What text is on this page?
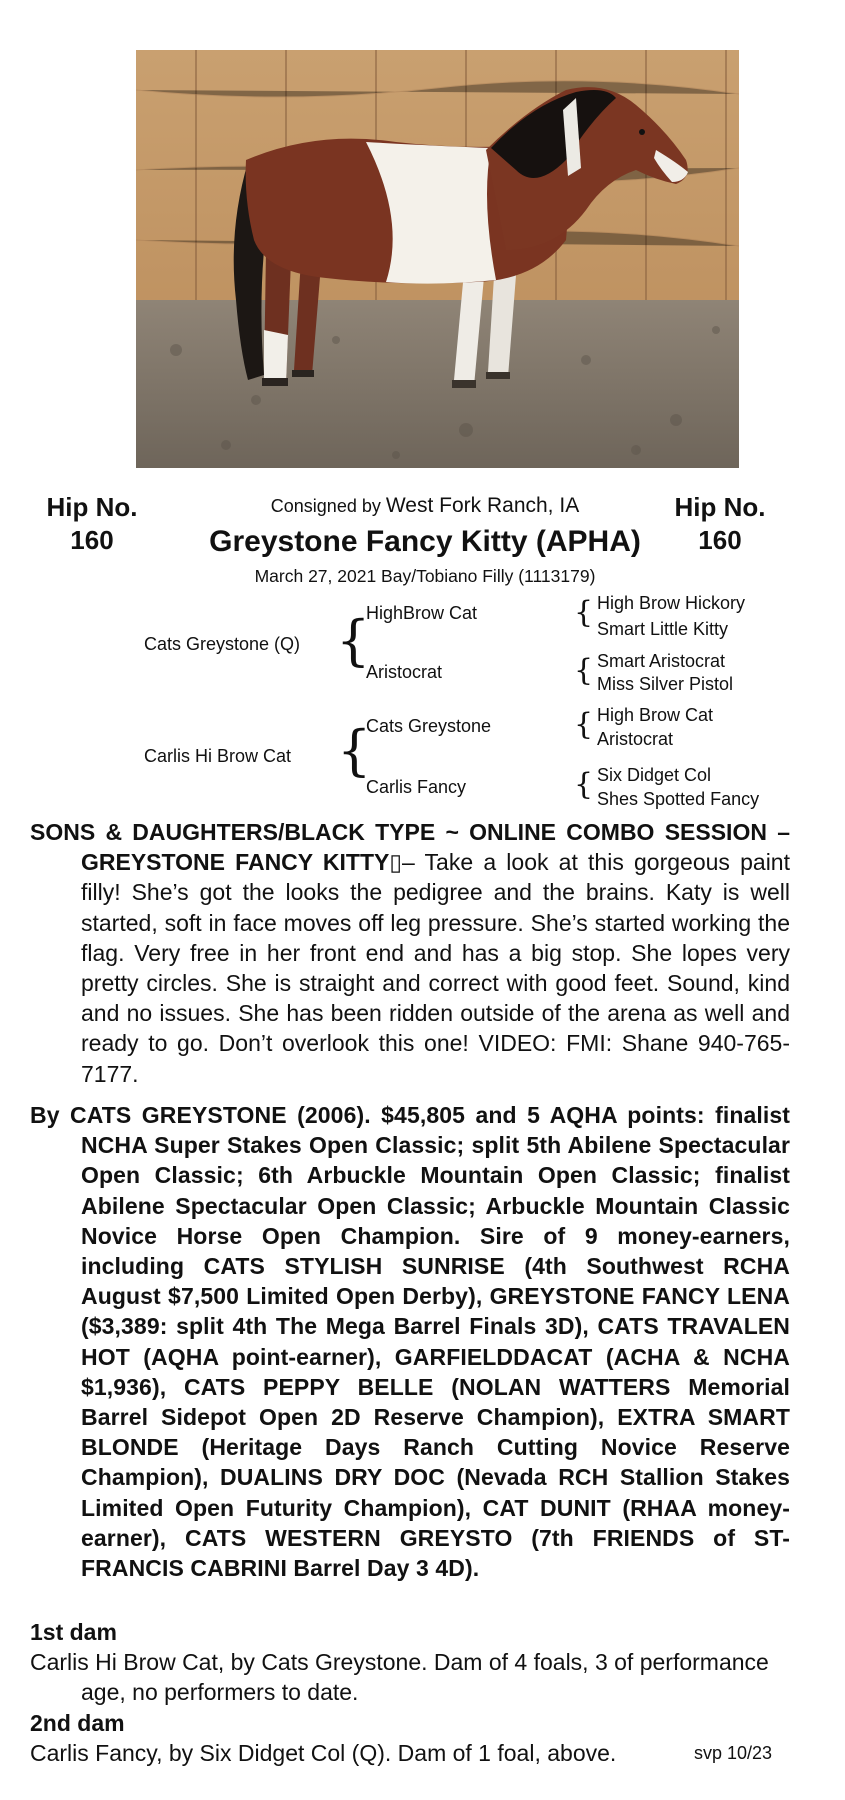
Hip No.
160
Hip No.
160
Consigned by West Fork Ranch, IA
Greystone Fancy Kitty (APHA)
March 27, 2021 Bay/Tobiano Filly (1113179)
Cats Greystone (Q) {
HighBrow Cat
Aristocrat
Carlis Hi Brow Cat {
Cats Greystone
Carlis Fancy
{ High Brow Hickory
Smart Little Kitty
{ Smart Aristocrat
Miss Silver Pistol
{ High Brow Cat
Aristocrat
{ Six Didget Col
Shes Spotted Fancy

SONS & DAUGHTERS/BLACK TYPE ~ ONLINE COMBO SESSION – GREYSTONE FANCY KITTY▯– Take a look at this gorgeous paint filly! She’s got the looks the pedigree and the brains. Katy is well started, soft in face moves off leg pressure. She’s started working the flag. Very free in her front end and has a big stop. She lopes very pretty circles. She is straight and correct with good feet. Sound, kind and no issues. She has been ridden outside of the arena as well and ready to go. Don’t overlook this one! VIDEO: FMI: Shane 940-765-7177.

By CATS GREYSTONE (2006). $45,805 and 5 AQHA points: finalist NCHA Super Stakes Open Classic; split 5th Abilene Spectacular Open Classic; 6th Arbuckle Mountain Open Classic; finalist Abilene Spectacular Open Classic; Arbuckle Mountain Classic Novice Horse Open Champion. Sire of 9 money-earners, including CATS STYLISH SUNRISE (4th Southwest RCHA August $7,500 Limited Open Derby), GREYSTONE FANCY LENA ($3,389: split 4th The Mega Barrel Finals 3D), CATS TRAVALEN HOT (AQHA point-earner), GARFIELDDACAT (ACHA & NCHA $1,936), CATS PEPPY BELLE (NOLAN WATTERS Memorial Barrel Sidepot Open 2D Reserve Champion), EXTRA SMART BLONDE (Heritage Days Ranch Cutting Novice Reserve Champion), DUALINS DRY DOC (Nevada RCH Stallion Stakes Limited Open Futurity Champion), CAT DUNIT (RHAA money-earner), CATS WESTERN GREYSTO (7th FRIENDS of ST-FRANCIS CABRINI Barrel Day 3 4D).

1st dam

Carlis Hi Brow Cat, by Cats Greystone. Dam of 4 foals, 3 of performance age, no performers to date.

2nd dam

svp 10/23
Carlis Fancy, by Six Didget Col (Q). Dam of 1 foal, above.
